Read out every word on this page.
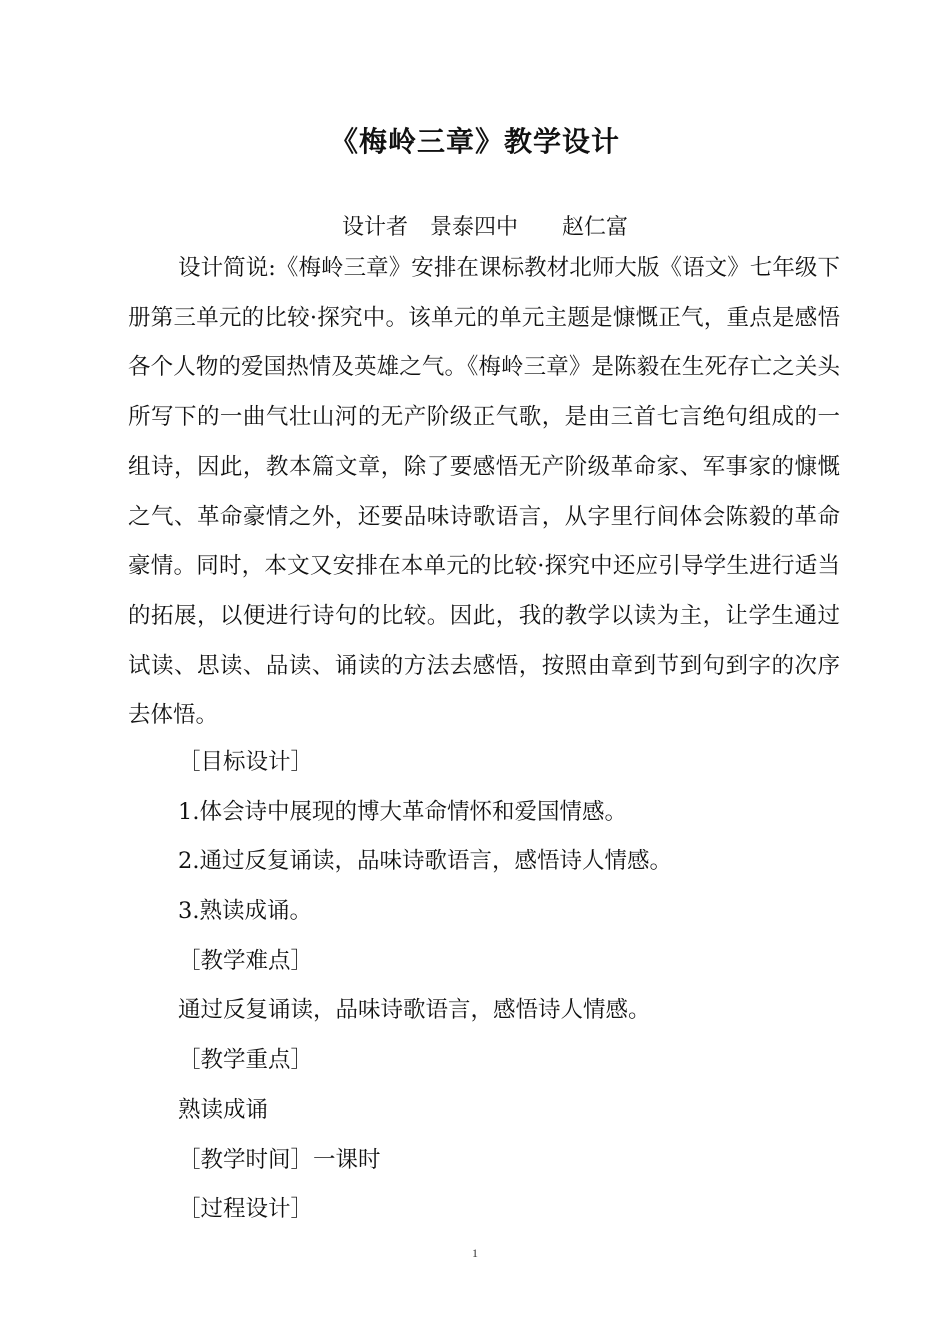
《梅岭三章》教学设计
设计者　景泰四中　　赵仁富

设计简说:《梅岭三章》安排在课标教材北师大版《语文》七年级下册第三单元的比较·探究中。该单元的单元主题是慷慨正气，重点是感悟各个人物的爱国热情及英雄之气。《梅岭三章》是陈毅在生死存亡之关头所写下的一曲气壮山河的无产阶级正气歌，是由三首七言绝句组成的一组诗，因此，教本篇文章，除了要感悟无产阶级革命家、军事家的慷慨之气、革命豪情之外，还要品味诗歌语言，从字里行间体会陈毅的革命豪情。同时，本文又安排在本单元的比较·探究中还应引导学生进行适当的拓展，以便进行诗句的比较。因此，我的教学以读为主，让学生通过试读、思读、品读、诵读的方法去感悟，按照由章到节到句到字的次序去体悟。

［目标设计］
1.体会诗中展现的博大革命情怀和爱国情感。
2.通过反复诵读，品味诗歌语言，感悟诗人情感。
3.熟读成诵。
［教学难点］
通过反复诵读，品味诗歌语言，感悟诗人情感。
［教学重点］
熟读成诵
［教学时间］一课时
［过程设计］
1
